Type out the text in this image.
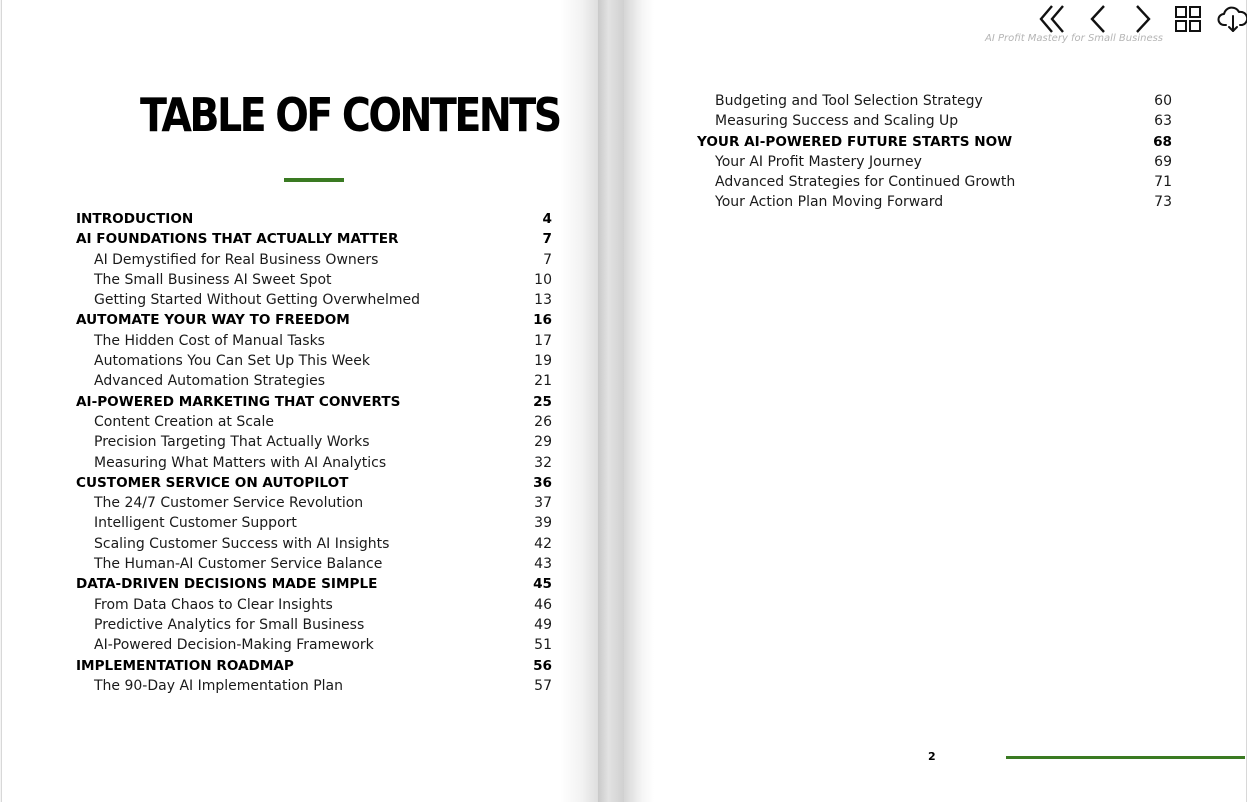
TABLE OF CONTENTS
INTRODUCTION	4
AI FOUNDATIONS THAT ACTUALLY MATTER	7
AI Demystified for Real Business Owners	7
The Small Business AI Sweet Spot	10
Getting Started Without Getting Overwhelmed	13
AUTOMATE YOUR WAY TO FREEDOM	16
The Hidden Cost of Manual Tasks	17
Automations You Can Set Up This Week	19
Advanced Automation Strategies	21
AI-POWERED MARKETING THAT CONVERTS	25
Content Creation at Scale	26
Precision Targeting That Actually Works	29
Measuring What Matters with AI Analytics	32
CUSTOMER SERVICE ON AUTOPILOT	36
The 24/7 Customer Service Revolution	37
Intelligent Customer Support	39
Scaling Customer Success with AI Insights	42
The Human-AI Customer Service Balance	43
DATA-DRIVEN DECISIONS MADE SIMPLE	45
From Data Chaos to Clear Insights	46
Predictive Analytics for Small Business	49
AI-Powered Decision-Making Framework	51
IMPLEMENTATION ROADMAP	56
The 90-Day AI Implementation Plan	57
AI Profit Mastery for Small Business
Budgeting and Tool Selection Strategy	60
Measuring Success and Scaling Up	63
YOUR AI-POWERED FUTURE STARTS NOW	68
Your AI Profit Mastery Journey	69
Advanced Strategies for Continued Growth	71
Your Action Plan Moving Forward	73
2
